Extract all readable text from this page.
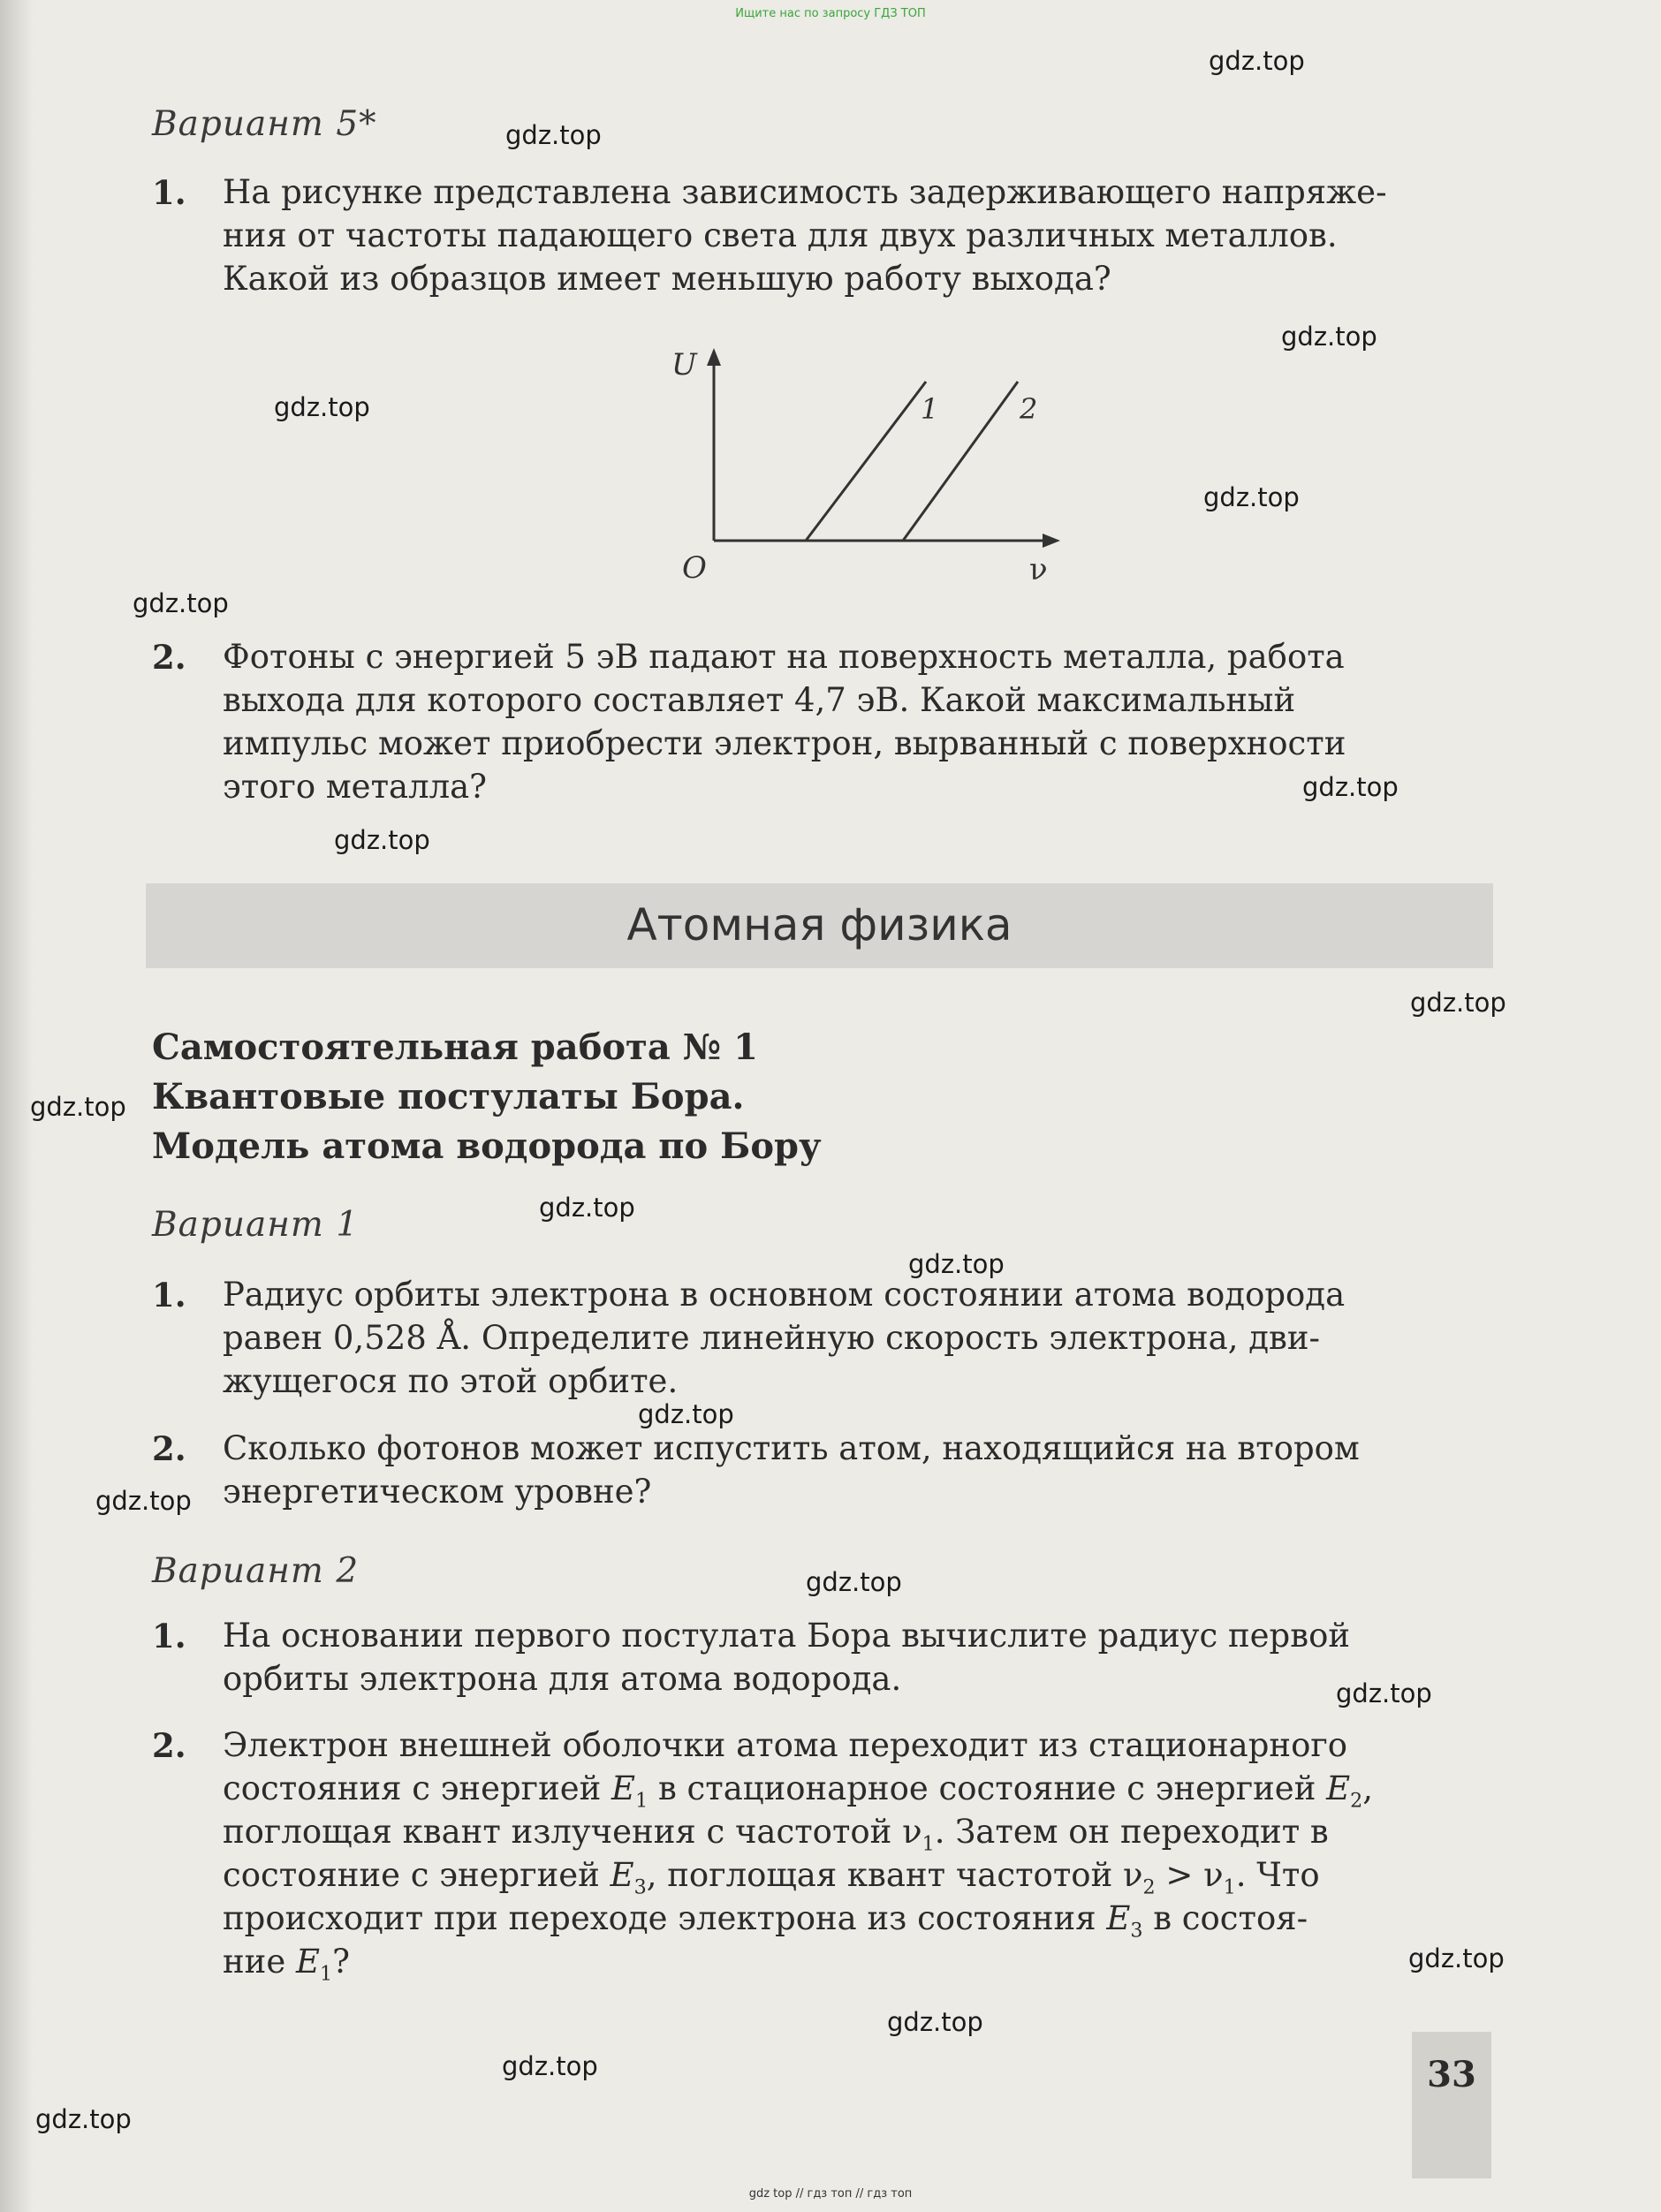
Ищите нас по запросу ГДЗ ТОП
Вариант 5*
1. На рисунке представлена зависимость задерживающего напряже-
ния от частоты падающего света для двух различных металлов.
Какой из образцов имеет меньшую работу выхода?
U
ν
O
1	2
2. Фотоны с энергией 5 эВ падают на поверхность металла, работа
выхода для которого составляет 4,7 эВ. Какой максимальный
импульс может приобрести электрон, вырванный с поверхности
этого металла?
Атомная физика
Самостоятельная работа № 1
Квантовые постулаты Бора.
Модель атома водорода по Бору
Вариант 1
1. Радиус орбиты электрона в основном состоянии атома водорода
равен 0,528 Å. Определите линейную скорость электрона, дви-
жущегося по этой орбите.
2. Сколько фотонов может испустить атом, находящийся на втором
энергетическом уровне?
Вариант 2
1. На основании первого постулата Бора вычислите радиус первой
орбиты электрона для атома водорода.
2. Электрон внешней оболочки атома переходит из стационарного
состояния с энергией $E_1$ в стационарное состояние с энергией $E_2$,
поглощая квант излучения с частотой $\nu_1$. Затем он переходит в
состояние с энергией $E_3$, поглощая квант частотой $\nu_2 > \nu_1$. Что
происходит при переходе электрона из состояния $E_3$ в состоя-
ние $E_1$?
33
gdz.top
gdz.top
gdz.top
gdz.top
gdz.top
gdz.top
gdz.top
gdz.top
gdz.top
gdz.top
gdz.top
gdz.top
gdz.top
gdz.top
gdz.top
gdz.top
gdz.top
gdz.top
gdz.top
gdz.top
gdz top // гдз топ // гдз топ
